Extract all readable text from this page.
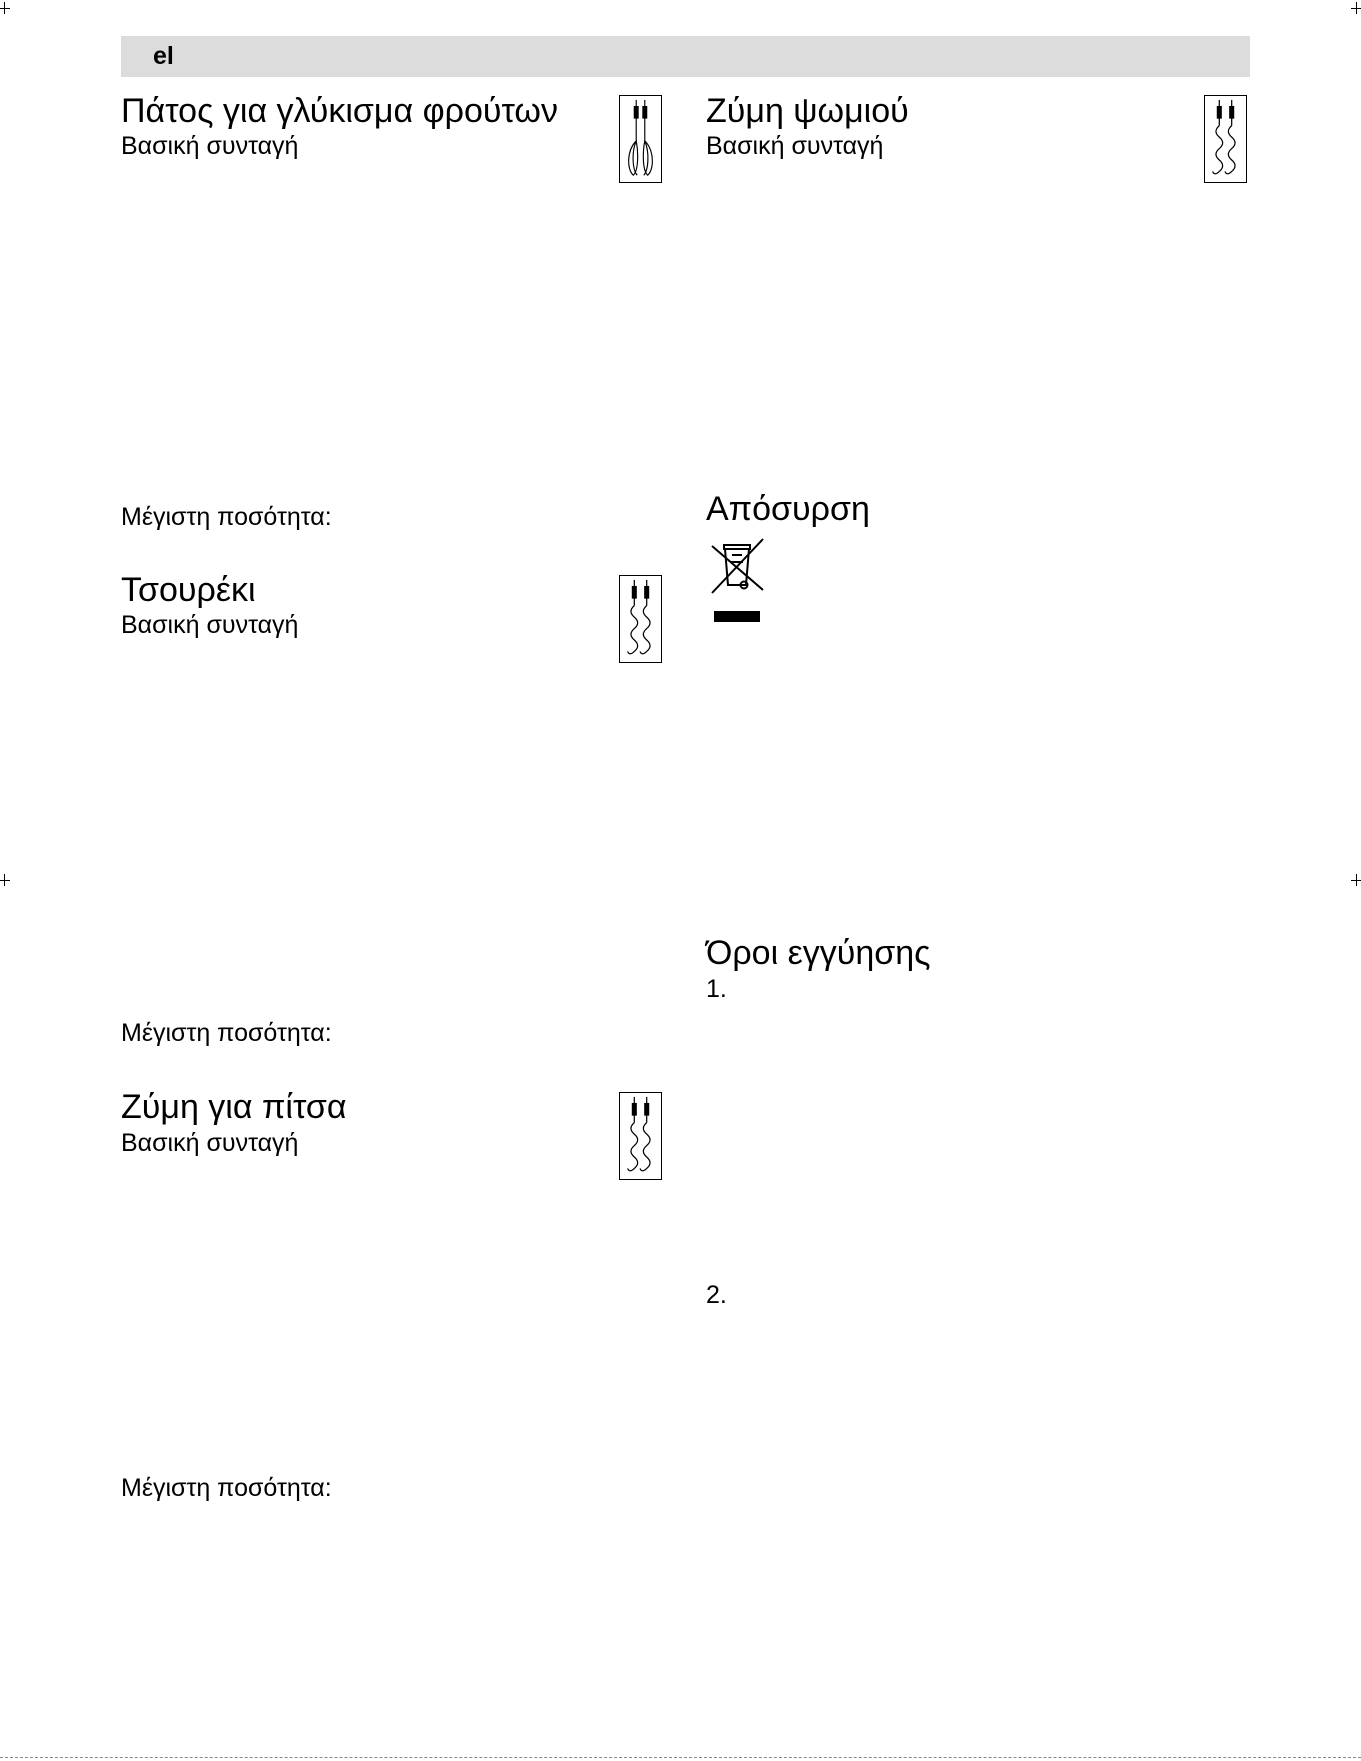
el
Πάτος για γλύκισμα φρούτων
Βασική συνταγή
Μέγιστη ποσότητα:
Τσουρέκι
Βασική συνταγή
Μέγιστη ποσότητα:
Ζύμη για πίτσα
Βασική συνταγή
Μέγιστη ποσότητα:
Ζύμη ψωμιού
Βασική συνταγή
Απόσυρση
Όροι εγγύησης
1.
2.
